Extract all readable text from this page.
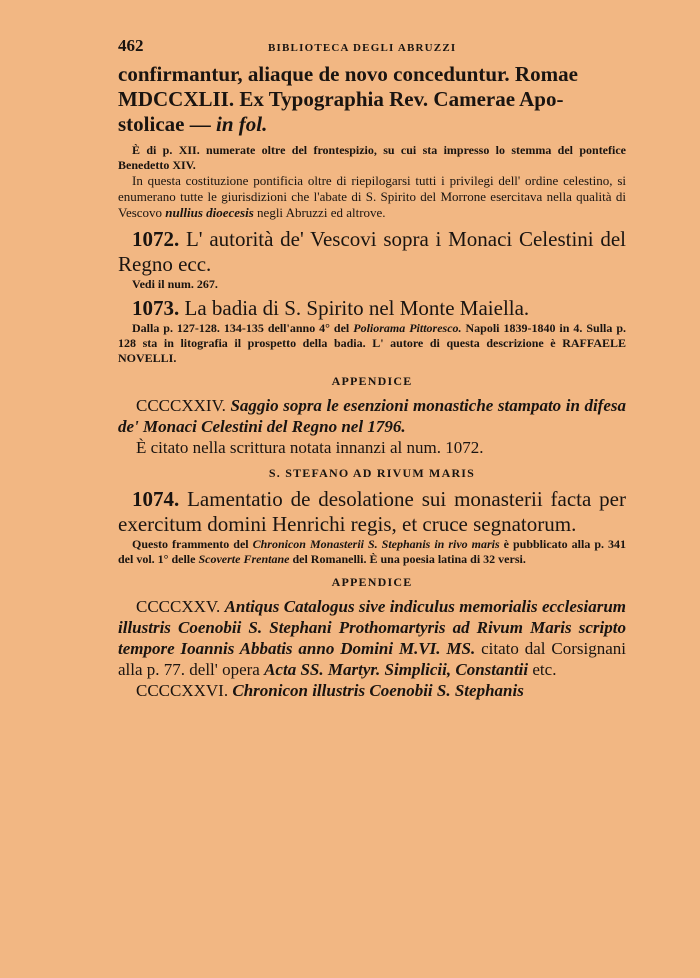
462	BIBLIOTECA DEGLI ABRUZZI

confirmantur, aliaque de novo conceduntur. Romae
MDCCXLII. Ex Typographia Rev. Camerae Apo-
stolicae — in fol.

È di p. XII. numerate oltre del frontespizio, su cui sta impresso lo stemma del pontefice Benedetto XIV.

In questa costituzione pontificia oltre di riepilogarsi tutti i privilegi dell' ordine celestino, si enumerano tutte le giurisdizioni che l'abate di S. Spirito del Morrone esercitava nella qualità di Vescovo nullius dioecesis negli Abruzzi ed altrove.

1072. L' autorità de' Vescovi sopra i Monaci Celestini del Regno ecc.

Vedi il num. 267.

1073. La badia di S. Spirito nel Monte Maiella.

Dalla p. 127-128. 134-135 dell'anno 4° del Poliorama Pittoresco. Napoli 1839-1840 in 4. Sulla p. 128 sta in litografia il prospetto della badia. L' autore di questa descrizione è RAFFAELE NOVELLI.

APPENDICE

CCCCXXIV. Saggio sopra le esenzioni monastiche stampato in difesa de' Monaci Celestini del Regno nel 1796.

È citato nella scrittura notata innanzi al num. 1072.

S. STEFANO AD RIVUM MARIS

1074. Lamentatio de desolatione sui monasterii facta per exercitum domini Henrichi regis, et cruce segnatorum.

Questo frammento del Chronicon Monasterii S. Stephanis in rivo maris è pubblicato alla p. 341 del vol. 1° delle Scoverte Frentane del Romanelli. È una poesia latina di 32 versi.

APPENDICE

CCCCXXV. Antiqus Catalogus sive indiculus memorialis ecclesiarum illustris Coenobii S. Stephani Prothomartyris ad Rivum Maris scripto tempore Ioannis Abbatis anno Domini M.VI. MS. citato dal Corsignani alla p. 77. dell' opera Acta SS. Martyr. Simplicii, Constantii etc.

CCCCXXVI. Chronicon illustris Coenobii S. Stephanis
